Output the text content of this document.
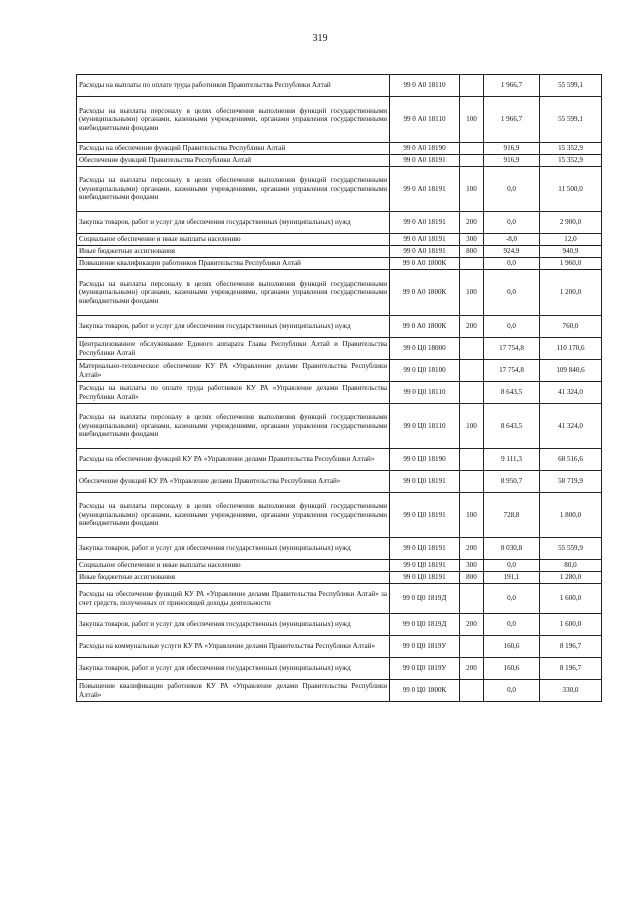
319
Расходы на выплаты по оплате труда работников Правительства Республики Алтай	99 0 А0 18110		1 966,7	55 599,1
Расходы на выплаты персоналу в целях обеспечения выполнения функций государственными (муниципальными) органами, казенными учреждениями, органами управления государственными внебюджетными фондами	99 0 А0 18110	100	1 966,7	55 599,1
Расходы на обеспечение функций Правительства Республики Алтай	99 0 А0 18190		916,9	15 352,9
Обеспечение функций Правительства Республики Алтай	99 0 А0 18191		916,9	15 352,9
Расходы на выплаты персоналу в целях обеспечения выполнения функций государственными (муниципальными) органами, казенными учреждениями, органами управления государственными внебюджетными фондами	99 0 А0 18191	100	0,0	11 500,0
Закупка товаров, работ и услуг для обеспечения государственных (муниципальных) нужд	99 0 А0 18191	200	0,0	2 900,0
Социальное обеспечение и иные выплаты населению	99 0 А0 18191	300	-8,0	12,0
Иные бюджетные ассигнования	99 0 А0 18191	800	924,9	940,9
Повышение квалификации работников Правительства Республики Алтай	99 0 А0 1800К		0,0	1 960,0
Расходы на выплаты персоналу в целях обеспечения выполнения функций государственными (муниципальными) органами, казенными учреждениями, органами управления государственными внебюджетными фондами	99 0 А0 1800К	100	0,0	1 200,0
Закупка товаров, работ и услуг для обеспечения государственных (муниципальных) нужд	99 0 А0 1800К	200	0,0	760,0
Централизованное обслуживание Единого аппарата Главы Республики Алтай и Правительства Республики Алтай	99 0 Ц0 18000		17 754,8	110 170,6
Материально-техническое обеспечение КУ РА «Управление делами Правительства Республики Алтай»	99 0 Ц0 18100		17 754,8	109 840,6
Расходы на выплаты по оплате труда работников КУ РА «Управление делами Правительства Республики Алтай»	99 0 Ц0 18110		8 643,5	41 324,0
Расходы на выплаты персоналу в целях обеспечения выполнения функций государственными (муниципальными) органами, казенными учреждениями, органами управления государственными внебюджетными фондами	99 0 Ц0 18110	100	8 643,5	41 324,0
Расходы на обеспечение функций КУ РА «Управление делами Правительства Республики Алтай»	99 0 Ц0 18190		9 111,3	68 516,6
Обеспечение функций КУ РА «Управление делами Правительства Республики Алтай»	99 0 Ц0 18191		8 950,7	58 719,9
Расходы на выплаты персоналу в целях обеспечения выполнения функций государственными (муниципальными) органами, казенными учреждениями, органами управления государственными внебюджетными фондами	99 0 Ц0 18191	100	728,8	1 800,0
Закупка товаров, работ и услуг для обеспечения государственных (муниципальных) нужд	99 0 Ц0 18191	200	8 030,8	55 559,9
Социальное обеспечение и иные выплаты населению	99 0 Ц0 18191	300	0,0	80,0
Иные бюджетные ассигнования	99 0 Ц0 18191	800	191,1	1 280,0
Расходы на обеспечение функций КУ РА «Управление делами Правительства Республики Алтай» за счет средств, полученных от приносящей доходы деятельности	99 0 Ц0 1819Д		0,0	1 600,0
Закупка товаров, работ и услуг для обеспечения государственных (муниципальных) нужд	99 0 Ц0 1819Д	200	0,0	1 600,0
Расходы на коммунальные услуги КУ РА «Управление делами Правительства Республики Алтай»	99 0 Ц0 1819У		160,6	8 196,7
Закупка товаров, работ и услуг для обеспечения государственных (муниципальных) нужд	99 0 Ц0 1819У	200	160,6	8 196,7
Повышение квалификации работников КУ РА «Управление делами Правительства Республики Алтай»	99 0 Ц0 1800К		0,0	330,0
